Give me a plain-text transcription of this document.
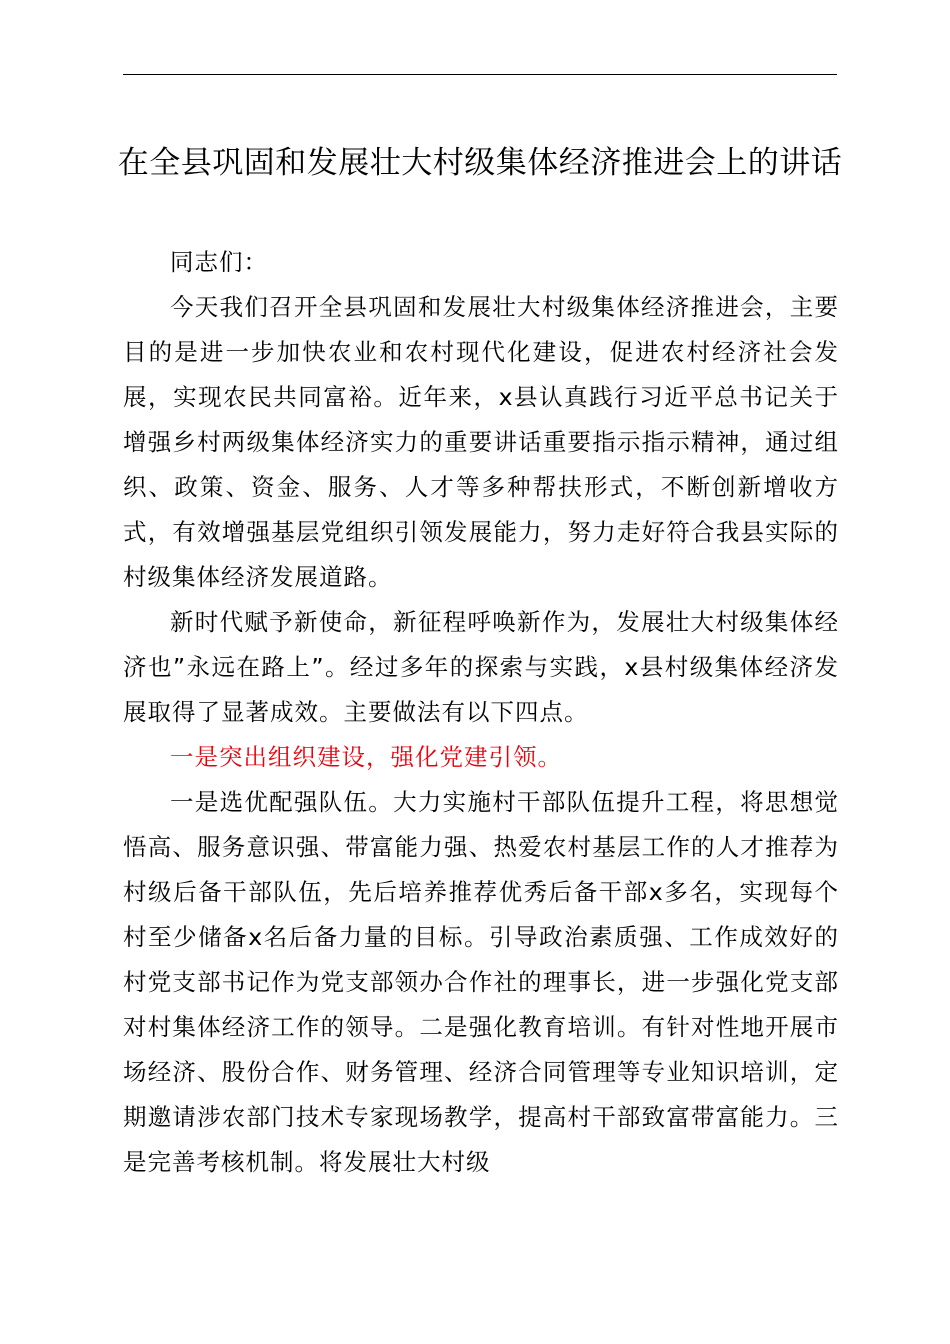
在全县巩固和发展壮大村级集体经济推进会上的讲话

同志们：

今天我们召开全县巩固和发展壮大村级集体经济推进会，主要目的是进一步加快农业和农村现代化建设，促进农村经济社会发展，实现农民共同富裕。近年来，x县认真践行习近平总书记关于增强乡村两级集体经济实力的重要讲话重要指示指示精神，通过组织、政策、资金、服务、人才等多种帮扶形式，不断创新增收方式，有效增强基层党组织引领发展能力，努力走好符合我县实际的村级集体经济发展道路。

新时代赋予新使命，新征程呼唤新作为，发展壮大村级集体经济也”永远在路上”。经过多年的探索与实践，x县村级集体经济发展取得了显著成效。主要做法有以下四点。

一是突出组织建设，强化党建引领。

一是选优配强队伍。大力实施村干部队伍提升工程，将思想觉悟高、服务意识强、带富能力强、热爱农村基层工作的人才推荐为村级后备干部队伍，先后培养推荐优秀后备干部x多名，实现每个村至少储备x名后备力量的目标。引导政治素质强、工作成效好的村党支部书记作为党支部领办合作社的理事长，进一步强化党支部对村集体经济工作的领导。二是强化教育培训。有针对性地开展市场经济、股份合作、财务管理、经济合同管理等专业知识培训，定期邀请涉农部门技术专家现场教学，提高村干部致富带富能力。三是完善考核机制。将发展壮大村级
